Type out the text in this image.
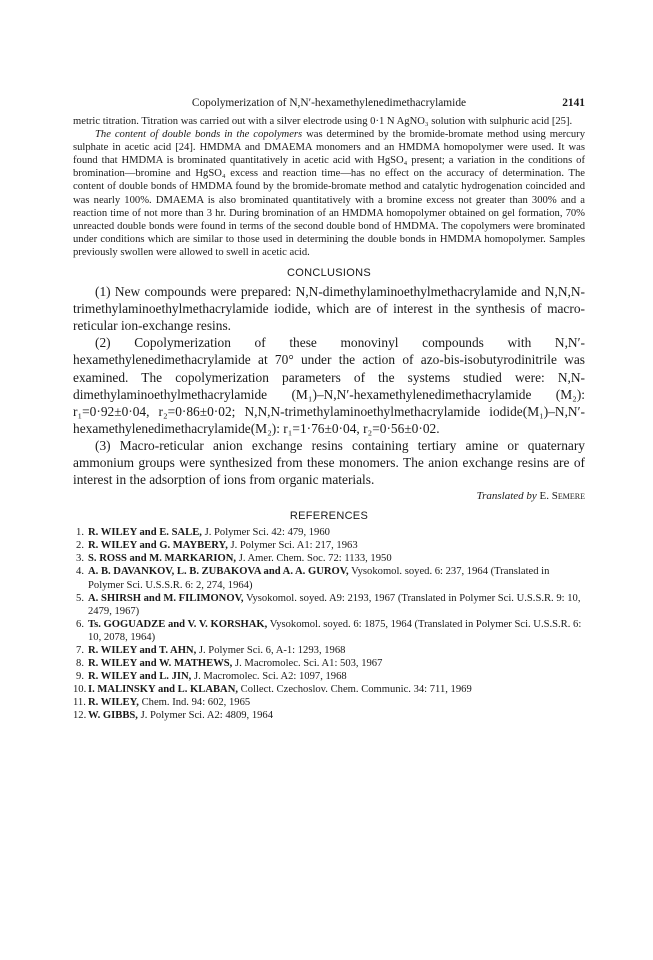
Copolymerization of N,N′-hexamethylenedimethacrylamide	2141

metric titration. Titration was carried out with a silver electrode using 0·1 N AgNO₃ solution with sulphuric acid [25].

The content of double bonds in the copolymers was determined by the bromide-bromate method using mercury sulphate in acetic acid [24]. HMDMA and DMAEMA monomers and an HMDMA homopolymer were used. It was found that HMDMA is brominated quantitatively in acetic acid with HgSO₄ present; a variation in the conditions of bromination—bromine and HgSO₄ excess and reaction time—has no effect on the accuracy of determination. The content of double bonds of HMDMA found by the bromide-bromate method and catalytic hydrogenation coincided and was nearly 100%. DMAEMA is also brominated quantitatively with a bromine excess not greater than 300% and a reaction time of not more than 3 hr. During bromination of an HMDMA homopolymer obtained on gel formation, 70% unreacted double bonds were found in terms of the second double bond of HMDMA. The copolymers were brominated under conditions which are similar to those used in determining the double bonds in HMDMA homopolymer. Samples previously swollen were allowed to swell in acetic acid.

CONCLUSIONS

(1) New compounds were prepared: N,N-dimethylaminoethylmethacrylamide and N,N,N-trimethylaminoethylmethacrylamide iodide, which are of interest in the synthesis of macro-reticular ion-exchange resins.

(2) Copolymerization of these monovinyl compounds with N,N′-hexamethylenedimethacrylamide at 70° under the action of azo-bis-isobutyrodinitrile was examined. The copolymerization parameters of the systems studied were: N,N-dimethylaminoethylmethacrylamide (M₁)–N,N′-hexamethylenedimethacrylamide (M₂): r₁=0·92±0·04, r₂=0·86±0·02; N,N,N-trimethylaminoethylmethacrylamide iodide(M₁)–N,N′-hexamethylenedimethacrylamide(M₂): r₁=1·76±0·04, r₂=0·56±0·02.

(3) Macro-reticular anion exchange resins containing tertiary amine or quaternary ammonium groups were synthesized from these monomers. The anion exchange resins are of interest in the adsorption of ions from organic materials.

Translated by E. Semere
REFERENCES
1. R. WILEY and E. SALE, J. Polymer Sci. 42: 479, 1960
2. R. WILEY and G. MAYBERY, J. Polymer Sci. A1: 217, 1963
3. S. ROSS and M. MARKARION, J. Amer. Chem. Soc. 72: 1133, 1950
4. A. B. DAVANKOV, L. B. ZUBAKOVA and A. A. GUROV, Vysokomol. soyed. 6: 237, 1964 (Translated in Polymer Sci. U.S.S.R. 6: 2, 274, 1964)
5. A. SHIRSH and M. FILIMONOV, Vysokomol. soyed. A9: 2193, 1967 (Translated in Polymer Sci. U.S.S.R. 9: 10, 2479, 1967)
6. Ts. GOGUADZE and V. V. KORSHAK, Vysokomol. soyed. 6: 1875, 1964 (Translated in Polymer Sci. U.S.S.R. 6: 10, 2078, 1964)
7. R. WILEY and T. AHN, J. Polymer Sci. 6, A-1: 1293, 1968
8. R. WILEY and W. MATHEWS, J. Macromolec. Sci. A1: 503, 1967
9. R. WILEY and L. JIN, J. Macromolec. Sci. A2: 1097, 1968
10. I. MALINSKY and L. KLABAN, Collect. Czechoslov. Chem. Communic. 34: 711, 1969
11. R. WILEY, Chem. Ind. 94: 602, 1965
12. W. GIBBS, J. Polymer Sci. A2: 4809, 1964
